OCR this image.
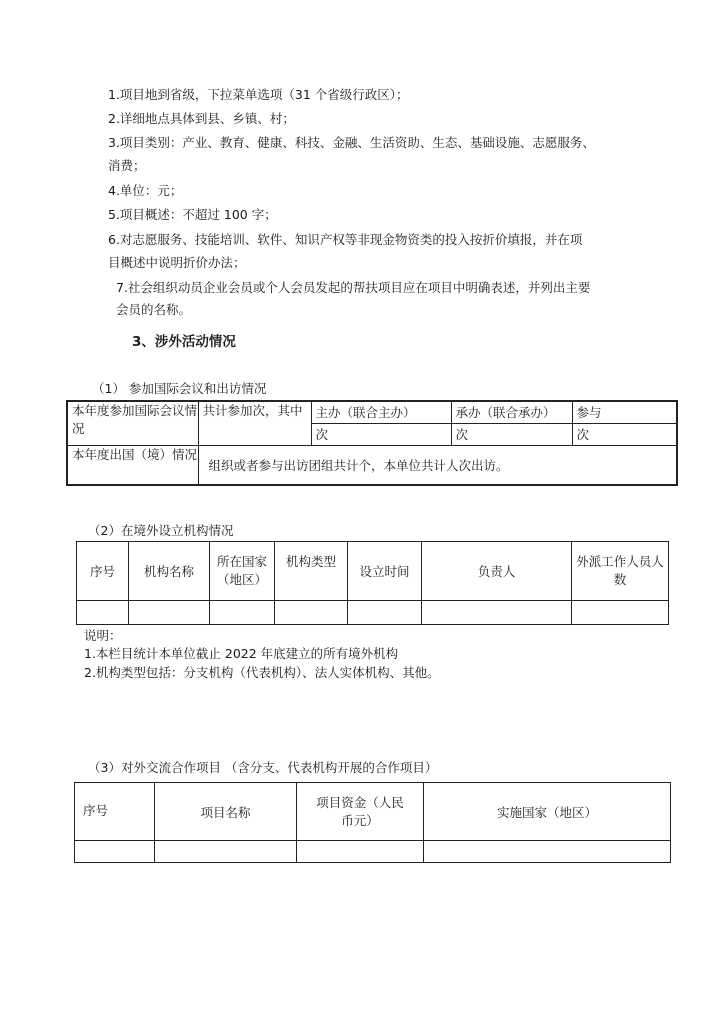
1.项目地到省级，下拉菜单选项（31 个省级行政区）；
2.详细地点具体到县、乡镇、村；
3.项目类别：产业、教育、健康、科技、金融、生活资助、生态、基础设施、志愿服务、
消费；
4.单位：元；
5.项目概述：不超过 100 字；
6.对志愿服务、技能培训、软件、知识产权等非现金物资类的投入按折价填报，并在项
目概述中说明折价办法；
7.社会组织动员企业会员或个人会员发起的帮扶项目应在项目中明确表述，并列出主要
会员的名称。
3、涉外活动情况
（1） 参加国际会议和出访情况
本年度参加国际会议情况	共计参加次，其中	主办（联合主办）	承办（联合承办）	参与
		次	次	次
本年度出国（境）情况	组织或者参与出访团组共计个，本单位共计人次出访。			
（2）在境外设立机构情况
序号	机构名称	所在国家（地区）	机构类型	设立时间	负责人	外派工作人员人数

说明：
1.本栏目统计本单位截止 2022 年底建立的所有境外机构
2.机构类型包括：分支机构（代表机构）、法人实体机构、其他。
（3）对外交流合作项目 （含分支、代表机构开展的合作项目）
序号	项目名称	项目资金（人民币元）	实施国家（地区）
